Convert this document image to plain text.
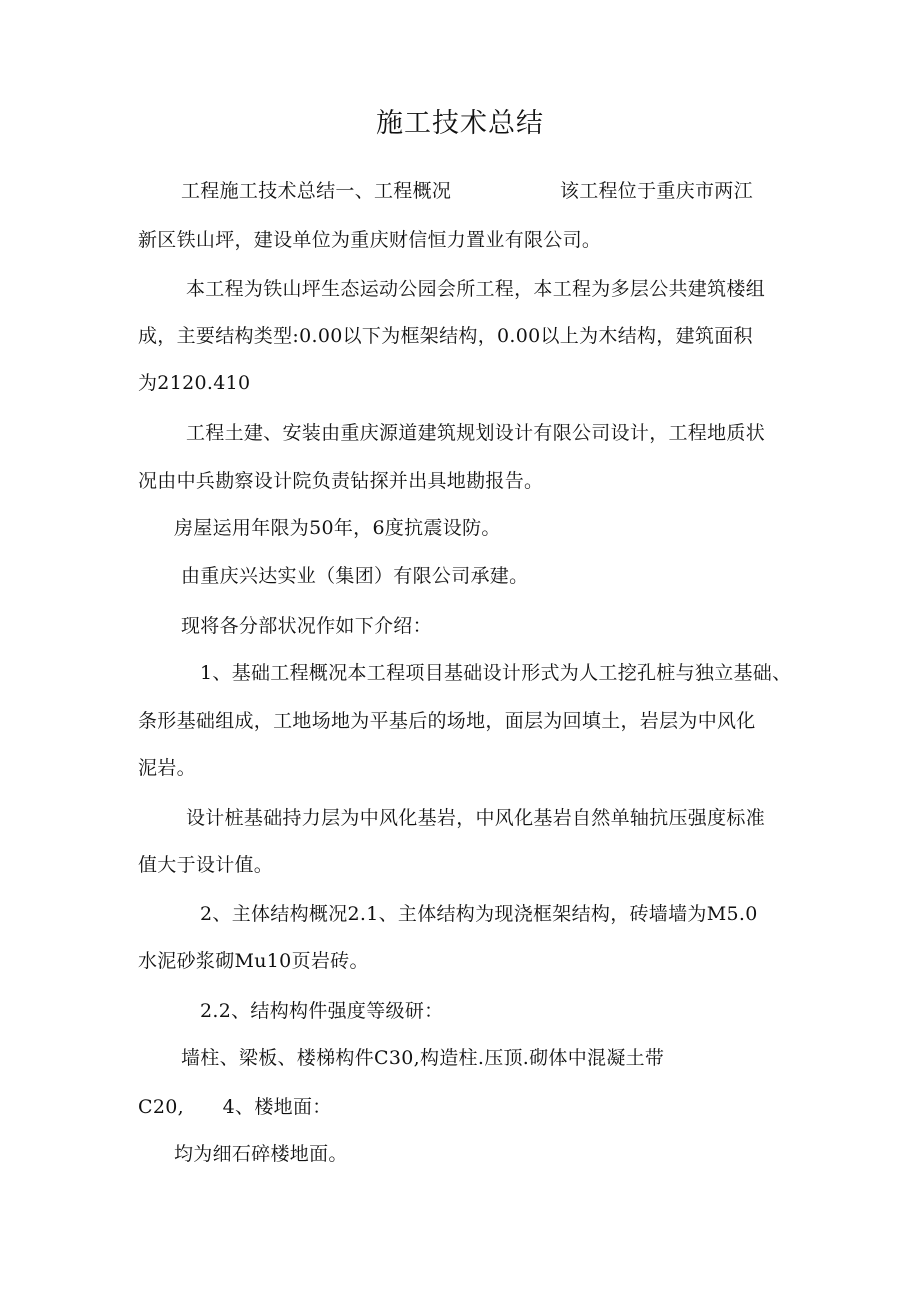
施工技术总结
工程施工技术总结一、工程概况	该工程位于重庆市两江
新区铁山坪，建设单位为重庆财信恒力置业有限公司。
本工程为铁山坪生态运动公园会所工程，本工程为多层公共建筑楼组
成，主要结构类型:0.00以下为框架结构，0.00以上为木结构，建筑面积
为2120.410
工程土建、安装由重庆源道建筑规划设计有限公司设计，工程地质状
况由中兵勘察设计院负责钻探并出具地勘报告。
房屋运用年限为50年，6度抗震设防。
由重庆兴达实业（集团）有限公司承建。
现将各分部状况作如下介绍：
1、基础工程概况本工程项目基础设计形式为人工挖孔桩与独立基础、
条形基础组成，工地场地为平基后的场地，面层为回填土，岩层为中风化
泥岩。
设计桩基础持力层为中风化基岩，中风化基岩自然单轴抗压强度标准
值大于设计值。
2、主体结构概况2.1、主体结构为现浇框架结构，砖墙墙为M5.0
水泥砂浆砌Mu10页岩砖。
2.2、结构构件强度等级研：
墙柱、梁板、楼梯构件C30,构造柱.压顶.砌体中混凝土带
C20, 4、楼地面：
均为细石碎楼地面。
